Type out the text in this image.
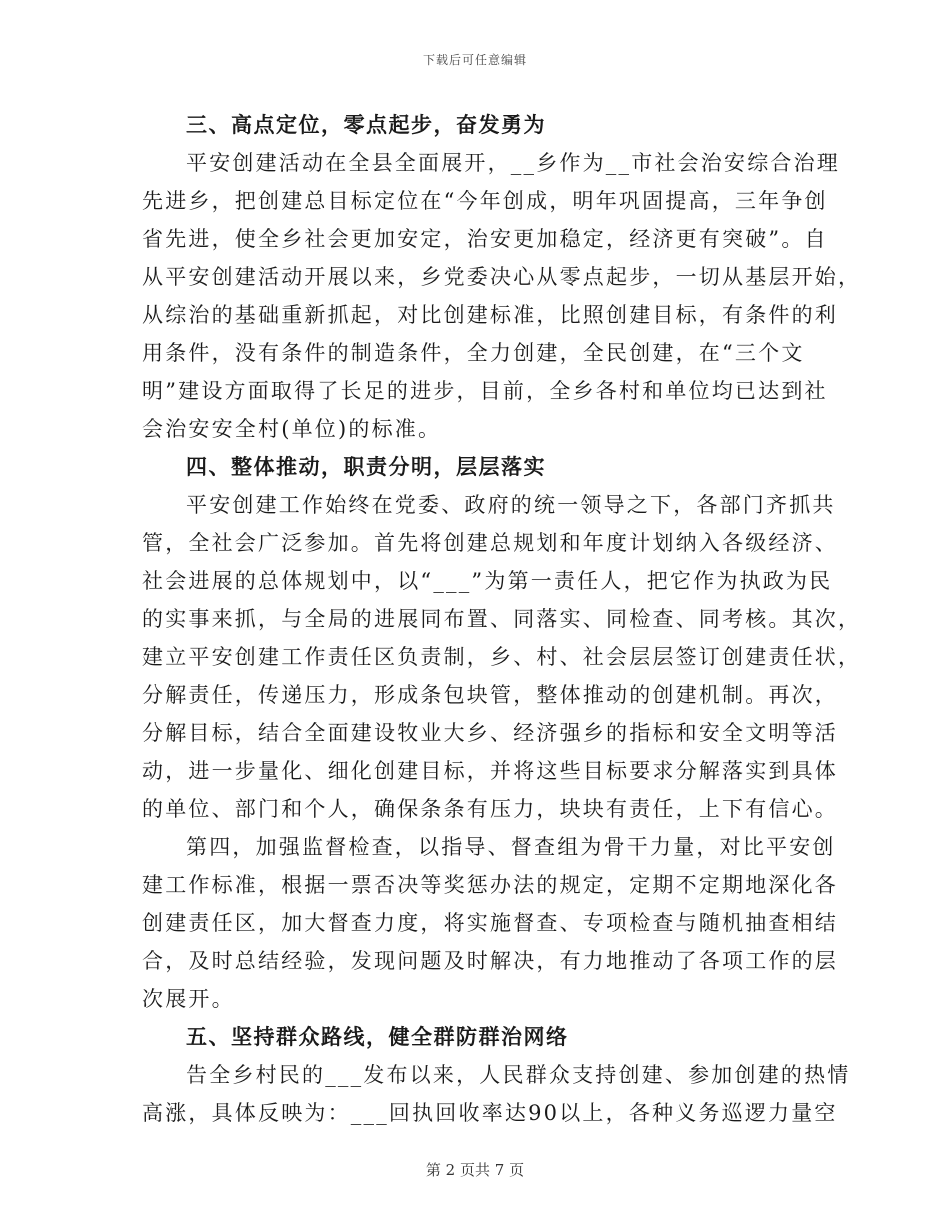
下载后可任意编辑
三、高点定位，零点起步，奋发勇为
平安创建活动在全县全面展开，__乡作为__市社会治安综合治理
先进乡，把创建总目标定位在“今年创成，明年巩固提高，三年争创
省先进，使全乡社会更加安定，治安更加稳定，经济更有突破”。自
从平安创建活动开展以来，乡党委决心从零点起步，一切从基层开始，
从综治的基础重新抓起，对比创建标准，比照创建目标，有条件的利
用条件，没有条件的制造条件，全力创建，全民创建，在“三个文
明”建设方面取得了长足的进步，目前，全乡各村和单位均已达到社
会治安安全村(单位)的标准。
四、整体推动，职责分明，层层落实
平安创建工作始终在党委、政府的统一领导之下，各部门齐抓共
管，全社会广泛参加。首先将创建总规划和年度计划纳入各级经济、
社会进展的总体规划中，以“___”为第一责任人，把它作为执政为民
的实事来抓，与全局的进展同布置、同落实、同检查、同考核。其次，
建立平安创建工作责任区负责制，乡、村、社会层层签订创建责任状，
分解责任，传递压力，形成条包块管，整体推动的创建机制。再次，
分解目标，结合全面建设牧业大乡、经济强乡的指标和安全文明等活
动，进一步量化、细化创建目标，并将这些目标要求分解落实到具体
的单位、部门和个人，确保条条有压力，块块有责任，上下有信心。
第四，加强监督检查，以指导、督查组为骨干力量，对比平安创
建工作标准，根据一票否决等奖惩办法的规定，定期不定期地深化各
创建责任区，加大督查力度，将实施督查、专项检查与随机抽查相结
合，及时总结经验，发现问题及时解决，有力地推动了各项工作的层
次展开。
五、坚持群众路线，健全群防群治网络
告全乡村民的___发布以来，人民群众支持创建、参加创建的热情
高涨，具体反映为：___回执回收率达90以上，各种义务巡逻力量空
第 2 页共 7 页
